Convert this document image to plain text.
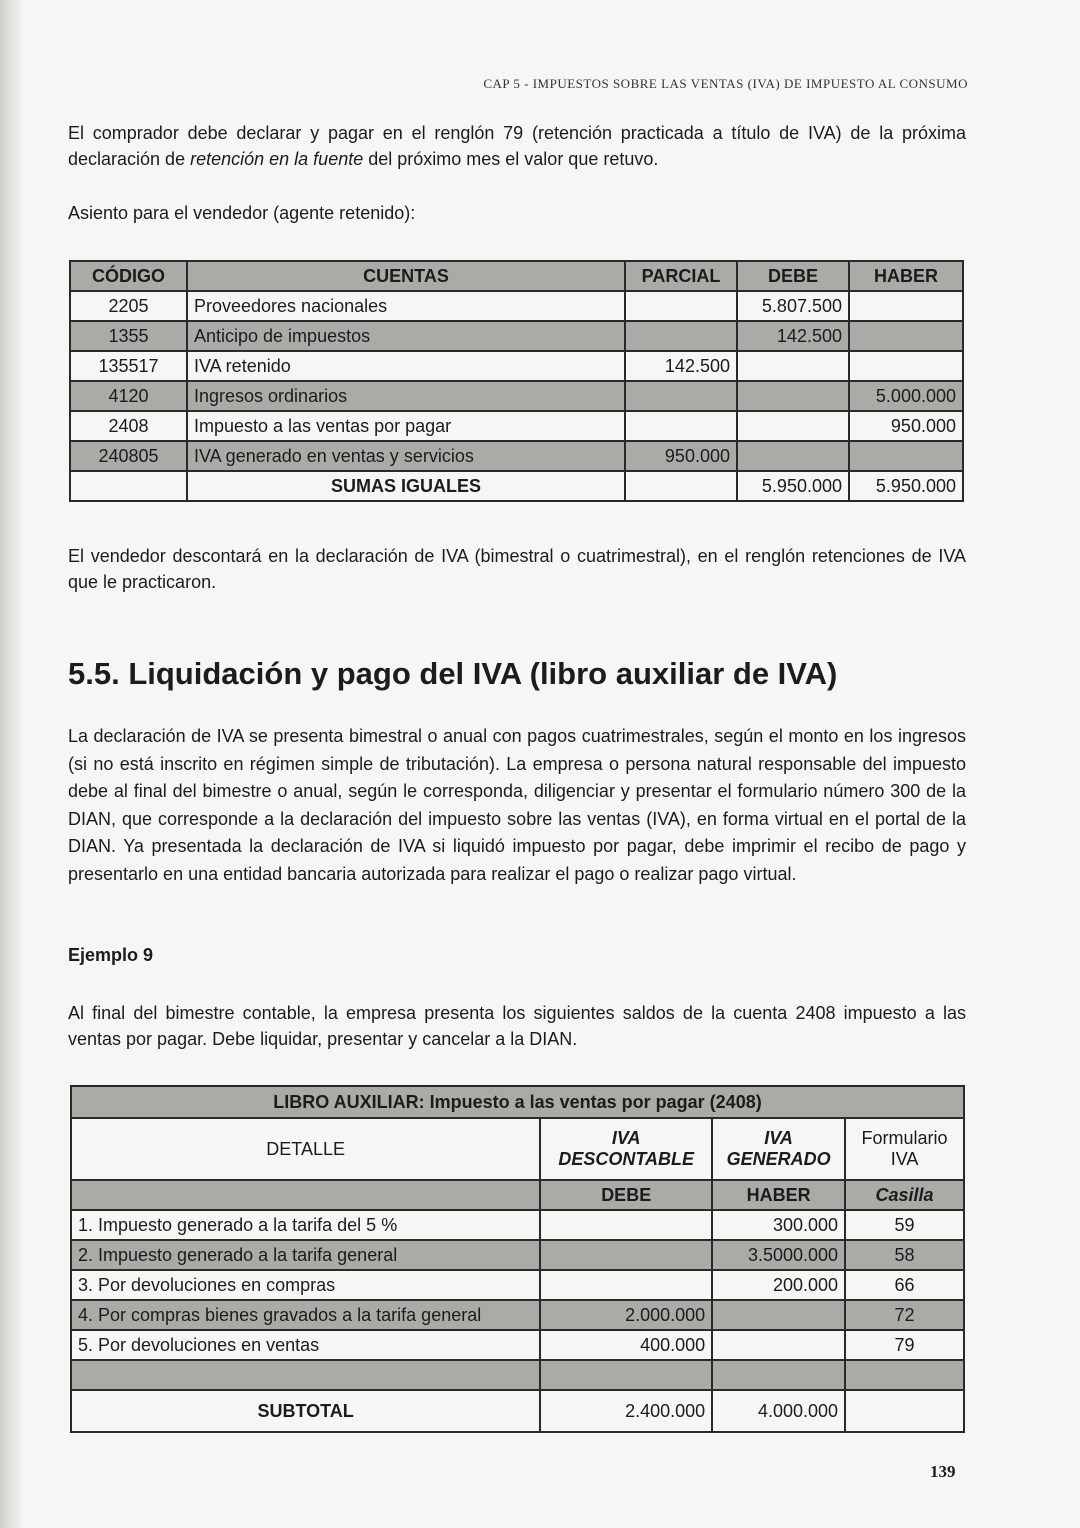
CAP 5 - IMPUESTOS SOBRE LAS VENTAS (IVA) DE IMPUESTO AL CONSUMO
El comprador debe declarar y pagar en el renglón 79 (retención practicada a título de IVA) de la próxima declaración de retención en la fuente del próximo mes el valor que retuvo.
Asiento para el vendedor (agente retenido):
CÓDIGO	CUENTAS	PARCIAL	DEBE	HABER
2205	Proveedores nacionales		5.807.500	
1355	Anticipo de impuestos		142.500	
135517	IVA retenido	142.500		
4120	Ingresos ordinarios			5.000.000
2408	Impuesto a las ventas por pagar			950.000
240805	IVA generado en ventas y servicios	950.000		
	SUMAS IGUALES		5.950.000	5.950.000
El vendedor descontará en la declaración de IVA (bimestral o cuatrimestral), en el renglón retenciones de IVA que le practicaron.
5.5. Liquidación y pago del IVA (libro auxiliar de IVA)
La declaración de IVA se presenta bimestral o anual con pagos cuatrimestrales, según el monto en los ingresos (si no está inscrito en régimen simple de tributación). La empresa o persona natural responsable del impuesto debe al final del bimestre o anual, según le corresponda, diligenciar y presentar el formulario número 300 de la DIAN, que corresponde a la declaración del impuesto sobre las ventas (IVA), en forma virtual en el portal de la DIAN. Ya presentada la declaración de IVA si liquidó impuesto por pagar, debe imprimir el recibo de pago y presentarlo en una entidad bancaria autorizada para realizar el pago o realizar pago virtual.
Ejemplo 9
Al final del bimestre contable, la empresa presenta los siguientes saldos de la cuenta 2408 impuesto a las ventas por pagar. Debe liquidar, presentar y cancelar a la DIAN.
LIBRO AUXILIAR: Impuesto a las ventas por pagar (2408)			
DETALLE	IVA DESCONTABLE	IVA GENERADO	Formulario IVA
	DEBE	HABER	Casilla
1. Impuesto generado a la tarifa del 5 %		300.000	59
2. Impuesto generado a la tarifa general		3.5000.000	58
3. Por devoluciones en compras		200.000	66
4. Por compras bienes gravados a la tarifa general	2.000.000		72
5. Por devoluciones en ventas	400.000		79

SUBTOTAL	2.400.000	4.000.000	
139
